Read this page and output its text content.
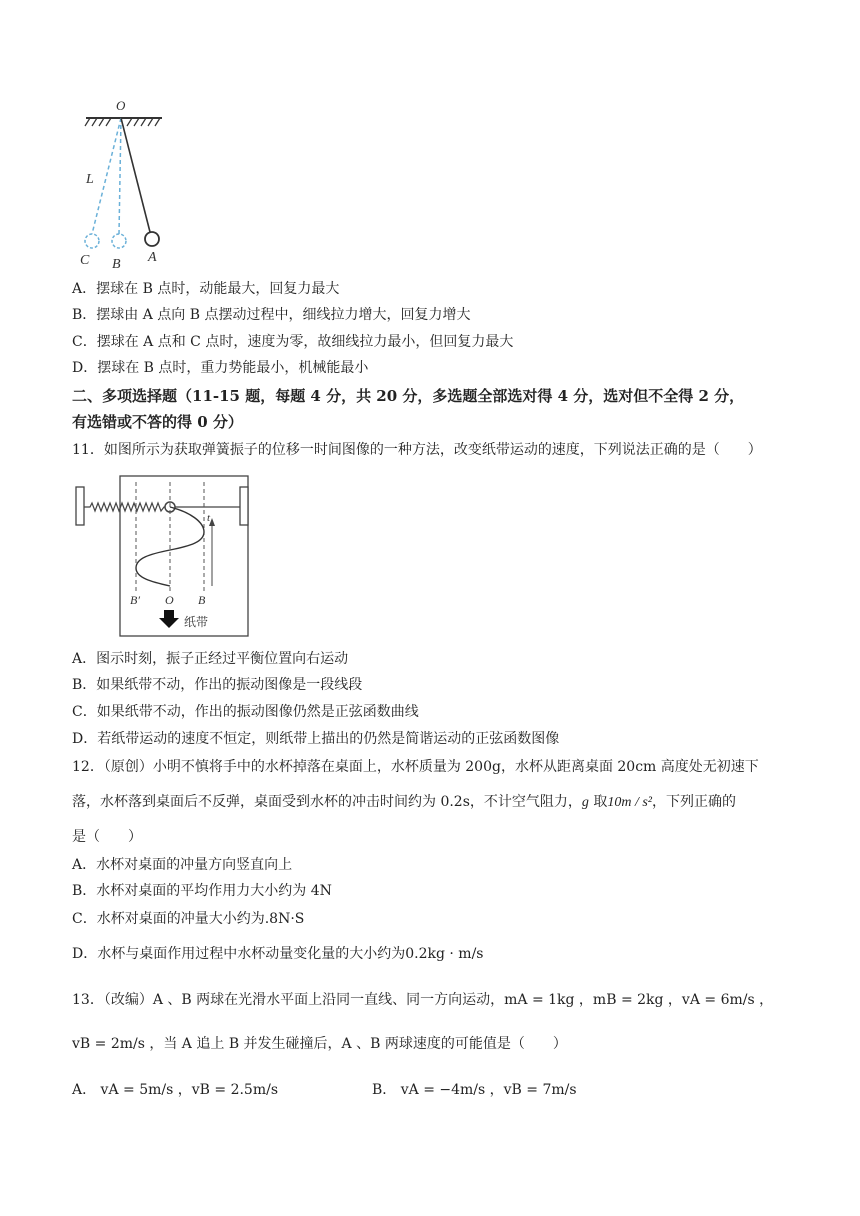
O
L
C B A
A．摆球在 B 点时，动能最大，回复力最大
B．摆球由 A 点向 B 点摆动过程中，细线拉力增大，回复力增大
C．摆球在 A 点和 C 点时，速度为零，故细线拉力最小，但回复力最大
D．摆球在 B 点时，重力势能最小，机械能最小
二、多项选择题（11-15 题，每题 4 分，共 20 分，多选题全部选对得 4 分，选对但不全得 2 分，
有选错或不答的得 0 分）
11．如图所示为获取弹簧振子的位移一时间图像的一种方法，改变纸带运动的速度，下列说法正确的是（　　）
t
B′ O B
纸带
A．图示时刻，振子正经过平衡位置向右运动
B．如果纸带不动，作出的振动图像是一段线段
C．如果纸带不动，作出的振动图像仍然是正弦函数曲线
D．若纸带运动的速度不恒定，则纸带上描出的仍然是简谐运动的正弦函数图像
12．（原创）小明不慎将手中的水杯掉落在桌面上，水杯质量为 200g，水杯从距离桌面 20cm 高度处无初速下
落，水杯落到桌面后不反弹，桌面受到水杯的冲击时间约为 0.2s，不计空气阻力，g 取10m / s²，下列正确的
是（　　）
A．水杯对桌面的冲量方向竖直向上
B．水杯对桌面的平均作用力大小约为 4N
C．水杯对桌面的冲量大小约为.8N·S
D．水杯与桌面作用过程中水杯动量变化量的大小约为0.2kg · m/s
13．（改编）A 、B 两球在光滑水平面上沿同一直线、同一方向运动，mA = 1kg ，mB = 2kg ，vA = 6m/s ，
vB = 2m/s ，当 A 追上 B 并发生碰撞后，A 、B 两球速度的可能值是（　　）
A． vA = 5m/s ，vB = 2.5m/s	B． vA = −4m/s ，vB = 7m/s
